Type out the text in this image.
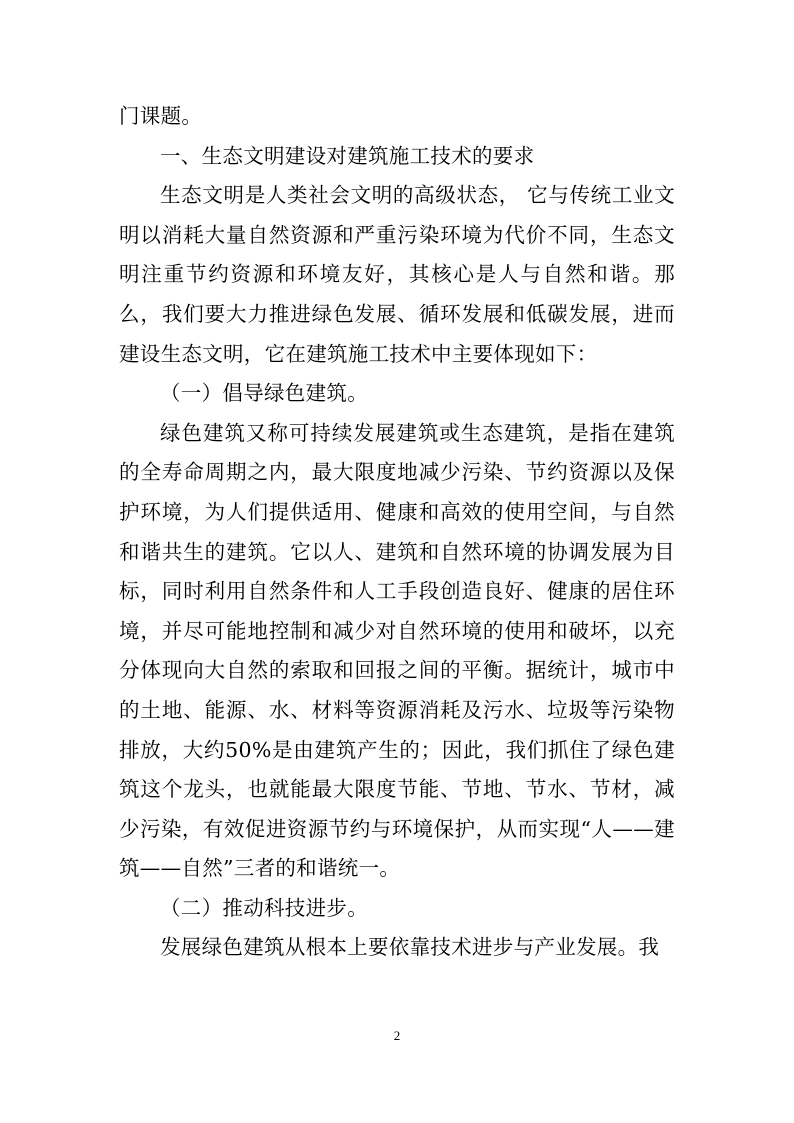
门课题。

一、生态文明建设对建筑施工技术的要求

生态文明是人类社会文明的高级状态， 它与传统工业文明以消耗大量自然资源和严重污染环境为代价不同，生态文明注重节约资源和环境友好，其核心是人与自然和谐。那么，我们要大力推进绿色发展、循环发展和低碳发展，进而建设生态文明，它在建筑施工技术中主要体现如下：

（一）倡导绿色建筑。

绿色建筑又称可持续发展建筑或生态建筑，是指在建筑的全寿命周期之内，最大限度地减少污染、节约资源以及保护环境，为人们提供适用、健康和高效的使用空间，与自然和谐共生的建筑。它以人、建筑和自然环境的协调发展为目标，同时利用自然条件和人工手段创造良好、健康的居住环境，并尽可能地控制和减少对自然环境的使用和破坏，以充分体现向大自然的索取和回报之间的平衡。据统计，城市中的土地、能源、水、材料等资源消耗及污水、垃圾等污染物排放，大约50%是由建筑产生的；因此，我们抓住了绿色建筑这个龙头，也就能最大限度节能、节地、节水、节材，减少污染，有效促进资源节约与环境保护，从而实现“人——建筑——自然”三者的和谐统一。

（二）推动科技进步。

发展绿色建筑从根本上要依靠技术进步与产业发展。我

2
